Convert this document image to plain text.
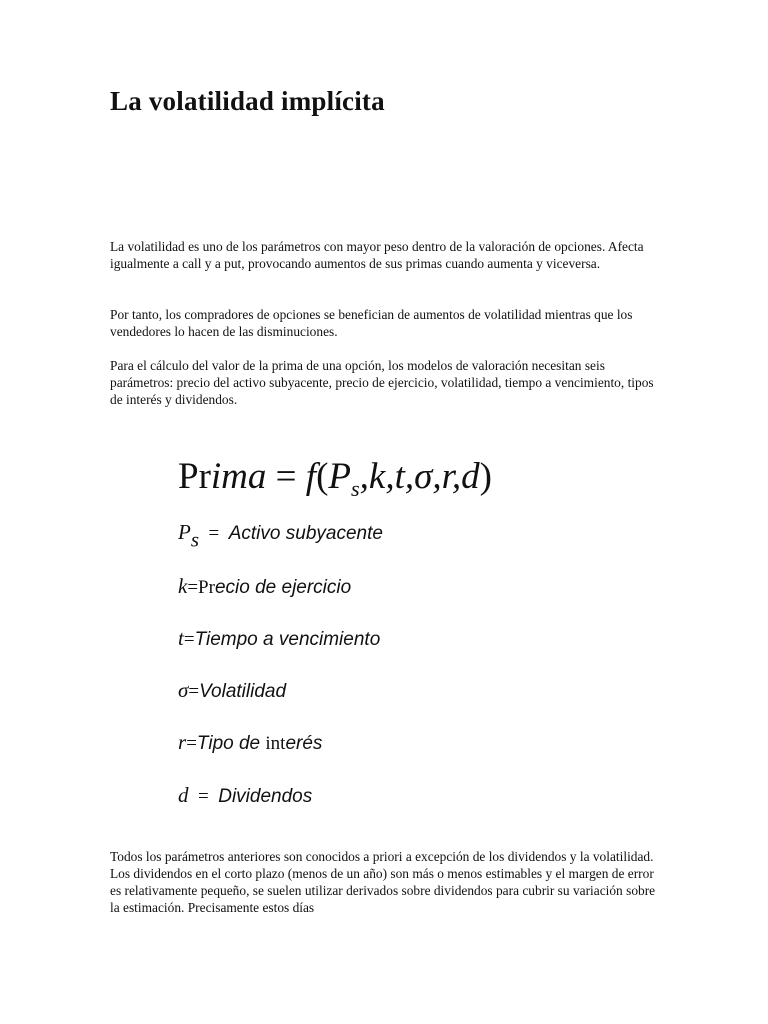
La volatilidad implícita

La volatilidad es uno de los parámetros con mayor peso dentro de la valoración de opciones. Afecta igualmente a call y a put, provocando aumentos de sus primas cuando aumenta y viceversa.

Por tanto, los compradores de opciones se benefician de aumentos de volatilidad mientras que los vendedores lo hacen de las disminuciones.

Para el cálculo del valor de la prima de una opción, los modelos de valoración necesitan seis parámetros: precio del activo subyacente, precio de ejercicio, volatilidad, tiempo a vencimiento, tipos de interés y dividendos.

Prima = $f(P_s,k,t,\sigma,r,d)$
$P_s$  =  Activo subyacente
k=Precio de ejercicio
t=Tiempo a vencimiento
σ=Volatilidad
r=Tipo de interés
d  =  Dividendos

Todos los parámetros anteriores son conocidos a priori a excepción de los dividendos y la volatilidad. Los dividendos en el corto plazo (menos de un año) son más o menos estimables y el margen de error es relativamente pequeño, se suelen utilizar derivados sobre dividendos para cubrir su variación sobre la estimación. Precisamente estos días
